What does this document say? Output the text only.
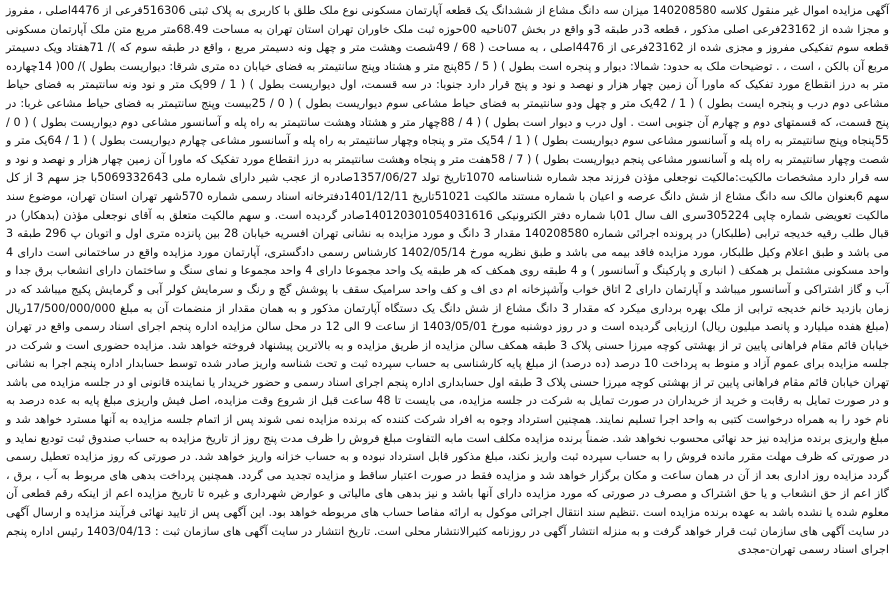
آگهی مزایده اموال غیر منقول کلاسه 140208580 میزان سه دانگ مشاع از ششدانگ یک قطعه آپارتمان مسکونی نوع ملک طلق با کاربری به پلاک ثبتی 516306فرعی از 4476اصلی ، مفروز و مجزا شده از 23162فرعی اصلی مذکور ، قطعه 3در طبقه 3و واقع در بخش 07ناحیه 00حوزه ثبت ملک خاوران تهران استان تهران به مساحت 68.49متر مربع متن ملک آپارتمان مسکونی قطعه سوم تفکیکی مفروز و مجزی شده از 23162فرعی از 4476اصلی ، به مساحت ( 68 / 49شصت وهشت متر و چهل ونه دسیمتر مربع ، واقع در طبقه سوم که )/ 71هفتاد ویک دسیمتر مربع آن بالکن ، است ، . توضیحات ملک به حدود: شمالا: دیوار و پنجره است بطول ) ( 5 / 85پنج متر و هشتاد وپنج سانتیمتر به فضای خیابان ده متری شرقا: دیواریست بطول )/ 00( 14چهارده متر به درز انقطاع مورد تفکیک که ماورا آن زمین چهار هزار و نهصد و نود و پنج قرار دارد جنوبا: در سه قسمت، اول دیواریست بطول ) ( 1 / 99یک متر و نود ونه سانتیمتر به فضای حیاط مشاعی دوم درب و پنجره ایست بطول ) ( 1 / 42یک متر و چهل ودو سانتیمتر به فضای حیاط مشاعی سوم دیواریست بطول ) ( 0 / 25بیست وپنج سانتیمتر به فضای حیاط مشاعی غربا: در پنج قسمت، که قسمتهای دوم و چهارم آن جنوبی است . اول درب و دیوار است بطول ) ( 4 / 88چهار متر و هشتاد وهشت سانتیمتر به راه پله و آسانسور مشاعی دوم دیواریست بطول ) ( 0 / 55پنجاه وپنج سانتیمتر به راه پله و آسانسور مشاعی سوم دیواریست بطول ) ( 1 / 54یک متر و پنجاه وچهار سانتیمتر به راه پله و آسانسور مشاعی چهارم دیواریست بطول ) ( 1 / 64یک متر و شصت وچهار سانتیمتر به راه پله و آسانسور مشاعی پنجم دیواریست بطول ) ( 7 / 58هفت متر و پنجاه وهشت سانتیمتر به درز انقطاع مورد تفکیک که ماورا آن زمین چهار هزار و نهصد و نود و سه قرار دارد مشخصات مالکیت:مالکیت نوجعلی مؤذن فرزند مجد شماره شناسنامه 1070تاریخ تولد 1357/06/27صادره از عجب شیر دارای شماره ملی 5069332643با جز سهم 3 از کل سهم 6بعنوان مالک سه دانگ مشاع از شش دانگ عرصه و اعیان با شماره مستند مالکیت 51021تاریخ 1401/12/11دفترخانه اسناد رسمی شماره 570شهر تهران استان تهران، موضوع سند مالکیت تعویضی شماره چاپی 305224سری الف سال 01با شماره دفتر الکترونیکی 140120301054031616صادر گردیده است. و سهم مالکیت متعلق به آقای نوجعلی مؤذن (بدهکار) در قبال طلب رقیه خدیجه ترابی (طلبکار) در پرونده اجرائی شماره 140208580 مقدار 3 دانگ و مورد مزایده به نشانی تهران افسریه خیابان 28 بین پانزده متری اول و اتوبان پ 296 طبقه 3 می باشد و طبق اعلام وکیل طلبکار، مورد مزایده فاقد بیمه می باشد و طبق نظریه مورخ 1402/05/14 کارشناس رسمی دادگستری، آپارتمان مورد مزایده واقع در ساختمانی است دارای 4 واحد مسکونی مشتمل بر همکف ( انباری و پارکینگ و آسانسور ) و 4 طبقه روی همکف که هر طبقه یک واحد مجموعا دارای 4 واحد مجموعا و نمای سنگ و ساختمان دارای انشعاب برق جدا و آب و گاز اشتراکی و آسانسور میباشد و آپارتمان دارای 2 اتاق خواب وآشپزخانه ام دی اف و کف واحد سرامیک سقف با پوشش گچ و رنگ و سرمایش کولر آبی و گرمایش پکیج میباشد که در زمان بازدید خانم خدیجه ترابی از ملک بهره برداری میکرد که مقدار 3 دانگ مشاع از شش دانگ یک دستگاه آپارتمان مذکور و به همان مقدار از منضمات آن به مبلغ 17/500/000/000ریال (مبلغ هفده میلیارد و پانصد میلیون ریال) ارزیابی گردیده است و در روز دوشنبه مورخ 1403/05/01 از ساعت 9 الی 12 در محل سالن مزایده اداره پنجم اجرای اسناد رسمی واقع در تهران خیابان قائم مقام فراهانی پایین تر از بهشتی کوچه میرزا حسنی پلاک 3 طبقه همکف سالن مزایده از طریق مزایده و به بالاترین پیشنهاد فروخته خواهد شد. مزایده حضوری است و شرکت در جلسه مزایده برای عموم آزاد و منوط به پرداخت 10 درصد (ده درصد) از مبلغ پایه کارشناسی به حساب سپرده ثبت و تحت شناسه واریز صادر شده توسط حسابدار اداره پنجم اجرا به نشانی تهران خیابان قائم مقام فراهانی پایین تر از بهشتی کوچه میرزا حسنی پلاک 3 طبقه اول حسابداری اداره پنجم اجرای اسناد رسمی و حضور خریدار یا نماینده قانونی او در جلسه مزایده می باشد و در صورت تمایل به رقابت و خرید از خریداران در صورت تمایل به شرکت در جلسه مزایده، می بایست تا 48 ساعت قبل از شروع وقت مزایده، اصل فیش واریزی مبلغ پایه به عده درصد به نام خود را به همراه درخواست کتبی به واحد اجرا تسلیم نمایند. همچنین استرداد وجوه به افراد شرکت کننده که برنده مزایده نمی شوند پس از اتمام جلسه مزایده به آنها مسترد خواهد شد و مبلغ واریزی برنده مزایده نیز حد نهائی محسوب نخواهد شد. ضمناً برنده مزایده مکلف است مابه التفاوت مبلغ فروش را ظرف مدت پنج روز از تاریخ مزایده به حساب صندوق ثبت تودیع نماید و در صورتی که ظرف مهلت مقرر مانده فروش را به حساب سپرده ثبت واریز نکند، مبلغ مذکور قابل استرداد نبوده و به حساب خزانه واریز خواهد شد. در صورتی که روز مزایده تعطیل رسمی گردد مزایده روز اداری بعد از آن در همان ساعت و مکان برگزار خواهد شد و مزایده فقط در صورت اعتبار ساقط و مزایده تجدید می گردد. همچنین پرداخت بدهی های مربوط به آب ، برق ، گاز اعم از حق انشعاب و یا حق اشتراک و مصرف در صورتی که مورد مزایده دارای آنها باشد و نیز بدهی های مالیاتی و عوارض شهرداری و غیره تا تاریخ مزایده اعم از اینکه رقم قطعی آن معلوم شده یا نشده باشد به عهده برنده مزایده است .تنظیم سند انتقال اجرائی موکول به ارائه مفاصا حساب های مربوطه خواهد بود. این آگهی پس از تایید نهائی فرآیند مزایده و ارسال آگهی در سایت آگهی های سازمان ثبت قرار خواهد گرفت و به منزله انتشار آگهی در روزنامه کثیرالانتشار محلی است. تاریخ انتشار در سایت آگهی های سازمان ثبت : 1403/04/13 رئیس اداره پنجم اجرای اسناد رسمی تهران-مجدی
